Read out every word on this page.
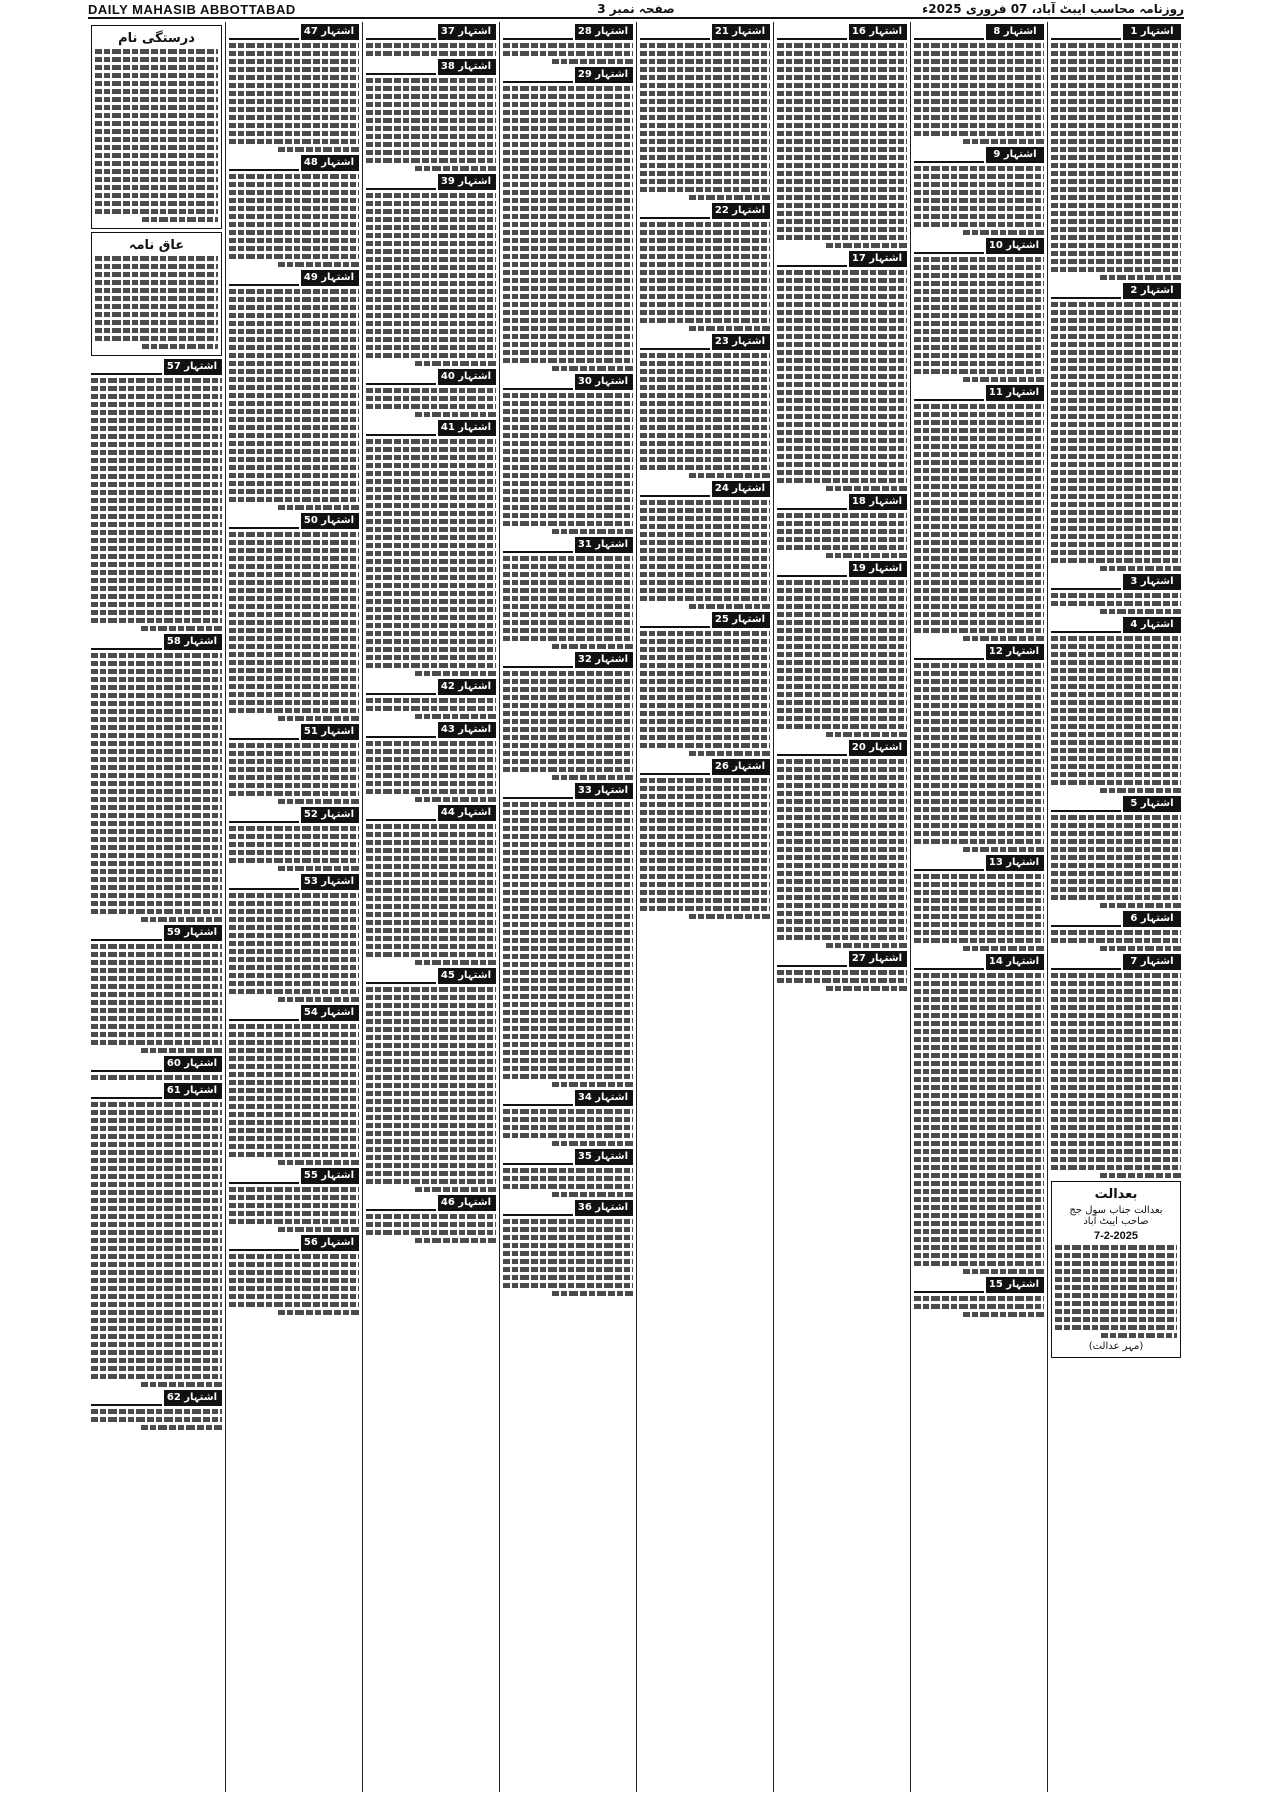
DAILY MAHASIB ABBOTTABAD	صفحہ نمبر 3	روزنامہ محاسب ایبٹ آباد، 07 فروری 2025ء
اشتہار 1
اشتہار 2
اشتہار 3
اشتہار 4
اشتہار 5
اشتہار 6
اشتہار 7
بعدالت
بعدالت جناب سول جج صاحب ایبٹ آباد
7-2-2025
(مہر عدالت)
اشتہار 8
اشتہار 9
اشتہار 10
اشتہار 11
اشتہار 12
اشتہار 13
اشتہار 14
اشتہار 15
اشتہار 16
اشتہار 17
اشتہار 18
اشتہار 19
اشتہار 20
اشتہار 27
اشتہار 21
اشتہار 22
اشتہار 23
اشتہار 24
اشتہار 25
اشتہار 26
اشتہار 28
اشتہار 29
اشتہار 30
اشتہار 31
اشتہار 32
اشتہار 33
اشتہار 34
اشتہار 35
اشتہار 36
اشتہار 37
اشتہار 38
اشتہار 39
اشتہار 40
اشتہار 41
اشتہار 42
اشتہار 43
اشتہار 44
اشتہار 45
اشتہار 46
اشتہار 47
اشتہار 48
اشتہار 49
اشتہار 50
اشتہار 51
اشتہار 52
اشتہار 53
اشتہار 54
اشتہار 55
اشتہار 56
درستگی نام
عاق نامہ
اشتہار 57
اشتہار 58
اشتہار 59
اشتہار 60
اشتہار 61
اشتہار 62
